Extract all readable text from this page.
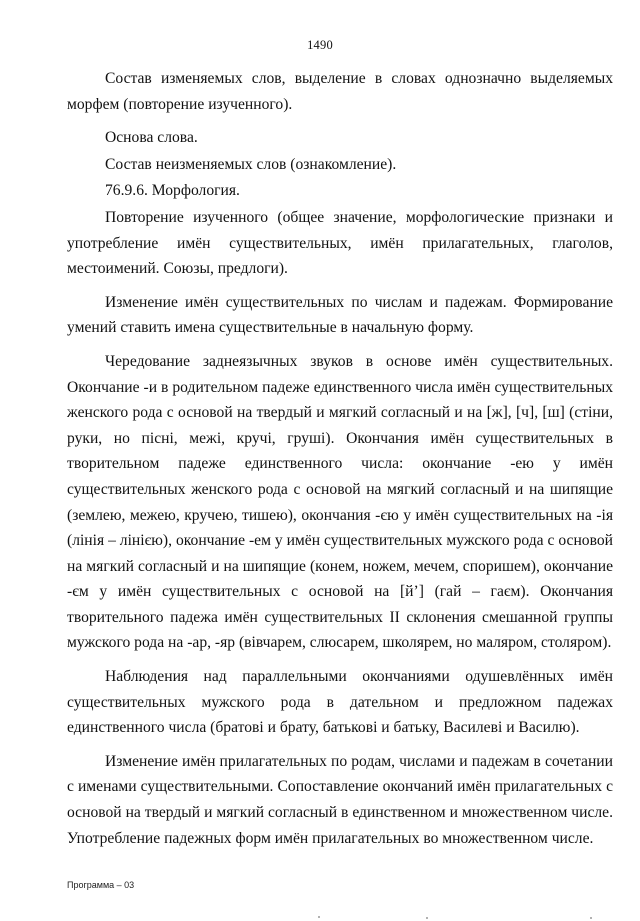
1490

Состав изменяемых слов, выделение в словах однозначно выделяемых морфем (повторение изученного).

Основа слова.

Состав неизменяемых слов (ознакомление).

76.9.6. Морфология.

Повторение изученного (общее значение, морфологические признаки и употребление имён существительных, имён прилагательных, глаголов, местоимений. Союзы, предлоги).

Изменение имён существительных по числам и падежам. Формирование умений ставить имена существительные в начальную форму.

Чередование заднеязычных звуков в основе имён существительных. Окончание -и в родительном падеже единственного числа имён существительных женского рода с основой на твердый и мягкий согласный и на [ж], [ч], [ш] (стіни, руки, но пісні, межі, кручі, груші). Окончания имён существительных в творительном падеже единственного числа: окончание -ею у имён существительных женского рода с основой на мягкий согласный и на шипящие (землею, межею, кручею, тишею), окончания -єю у имён существительных на -ія (лінія – лінією), окончание -ем у имён существительных мужского рода с основой на мягкий согласный и на шипящие (конем, ножем, мечем, споришем), окончание -єм у имён существительных с основой на [й’] (гай – гаєм). Окончания творительного падежа имён существительных II склонения смешанной группы мужского рода на -ар, -яр (вівчарем, слюсарем, школярем, но маляром, столяром).

Наблюдения над параллельными окончаниями одушевлённых имён существительных мужского рода в дательном и предложном падежах единственного числа (братові и брату, батькові и батьку, Василеві и Василю).

Изменение имён прилагательных по родам, числами и падежам в сочетании с именами существительными. Сопоставление окончаний имён прилагательных с основой на твердый и мягкий согласный в единственном и множественном числе. Употребление падежных форм имён прилагательных во множественном числе.

Программа – 03
